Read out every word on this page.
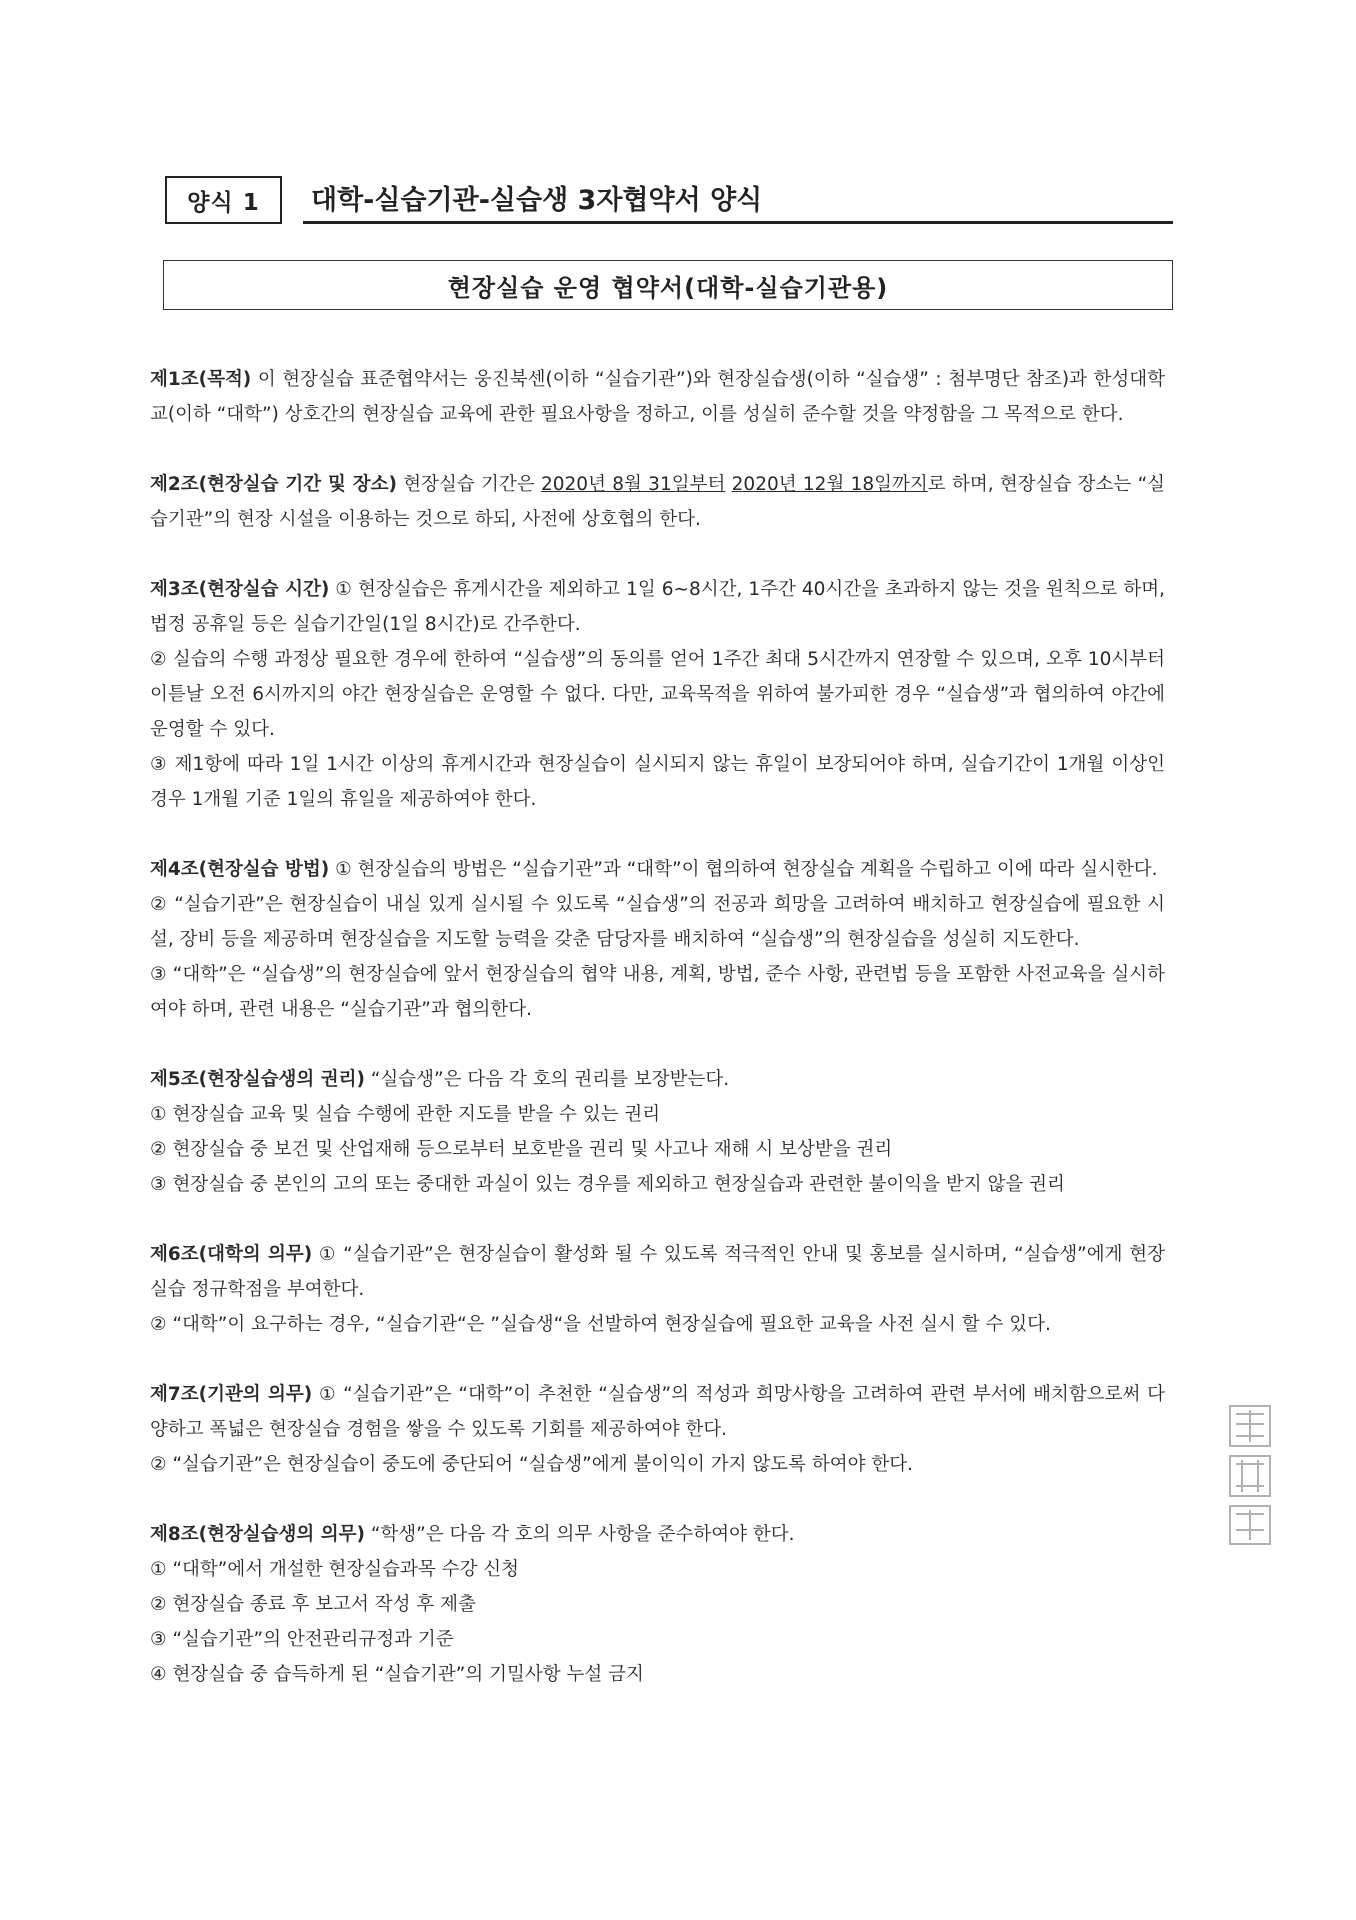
양식 1	대학-실습기관-실습생 3자협약서 양식
현장실습 운영 협약서(대학-실습기관용)

제1조(목적) 이 현장실습 표준협약서는 웅진북센(이하 “실습기관”)와 현장실습생(이하 “실습생” : 첨부명단 참조)과 한성대학교(이하 “대학”) 상호간의 현장실습 교육에 관한 필요사항을 정하고, 이를 성실히 준수할 것을 약정함을 그 목적으로 한다.

제2조(현장실습 기간 및 장소) 현장실습 기간은 2020년 8월 31일부터 2020년 12월 18일까지로 하며, 현장실습 장소는 “실습기관”의 현장 시설을 이용하는 것으로 하되, 사전에 상호협의 한다.

제3조(현장실습 시간) ① 현장실습은 휴게시간을 제외하고 1일 6~8시간, 1주간 40시간을 초과하지 않는 것을 원칙으로 하며, 법정 공휴일 등은 실습기간일(1일 8시간)로 간주한다.

② 실습의 수행 과정상 필요한 경우에 한하여 “실습생”의 동의를 얻어 1주간 최대 5시간까지 연장할 수 있으며, 오후 10시부터 이튿날 오전 6시까지의 야간 현장실습은 운영할 수 없다. 다만, 교육목적을 위하여 불가피한 경우 “실습생”과 협의하여 야간에 운영할 수 있다.

③ 제1항에 따라 1일 1시간 이상의 휴게시간과 현장실습이 실시되지 않는 휴일이 보장되어야 하며, 실습기간이 1개월 이상인 경우 1개월 기준 1일의 휴일을 제공하여야 한다.

제4조(현장실습 방법) ① 현장실습의 방법은 “실습기관”과 “대학”이 협의하여 현장실습 계획을 수립하고 이에 따라 실시한다.

② “실습기관”은 현장실습이 내실 있게 실시될 수 있도록 “실습생”의 전공과 희망을 고려하여 배치하고 현장실습에 필요한 시설, 장비 등을 제공하며 현장실습을 지도할 능력을 갖춘 담당자를 배치하여 “실습생”의 현장실습을 성실히 지도한다.

③ “대학”은 “실습생”의 현장실습에 앞서 현장실습의 협약 내용, 계획, 방법, 준수 사항, 관련법 등을 포함한 사전교육을 실시하여야 하며, 관련 내용은 “실습기관”과 협의한다.

제5조(현장실습생의 권리) “실습생”은 다음 각 호의 권리를 보장받는다.

① 현장실습 교육 및 실습 수행에 관한 지도를 받을 수 있는 권리

② 현장실습 중 보건 및 산업재해 등으로부터 보호받을 권리 및 사고나 재해 시 보상받을 권리

③ 현장실습 중 본인의 고의 또는 중대한 과실이 있는 경우를 제외하고 현장실습과 관련한 불이익을 받지 않을 권리

제6조(대학의 의무) ① “실습기관”은 현장실습이 활성화 될 수 있도록 적극적인 안내 및 홍보를 실시하며, “실습생”에게 현장실습 정규학점을 부여한다.

② “대학”이 요구하는 경우, “실습기관“은 ”실습생“을 선발하여 현장실습에 필요한 교육을 사전 실시 할 수 있다.

제7조(기관의 의무) ① “실습기관”은 “대학”이 추천한 “실습생”의 적성과 희망사항을 고려하여 관련 부서에 배치함으로써 다양하고 폭넓은 현장실습 경험을 쌓을 수 있도록 기회를 제공하여야 한다.

② “실습기관”은 현장실습이 중도에 중단되어 “실습생”에게 불이익이 가지 않도록 하여야 한다.

제8조(현장실습생의 의무) “학생”은 다음 각 호의 의무 사항을 준수하여야 한다.

① “대학”에서 개설한 현장실습과목 수강 신청

② 현장실습 종료 후 보고서 작성 후 제출

③ “실습기관”의 안전관리규정과 기준

④ 현장실습 중 습득하게 된 “실습기관”의 기밀사항 누설 금지
